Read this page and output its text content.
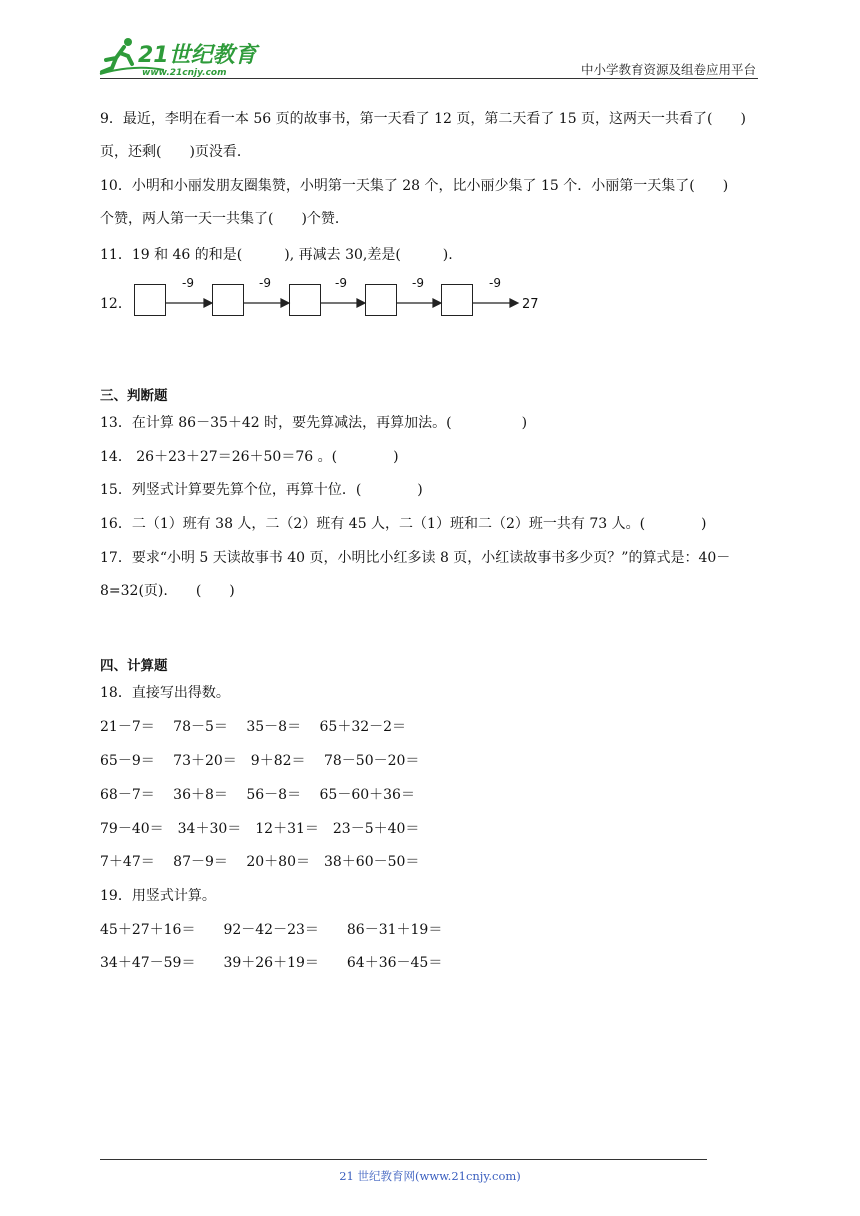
21世纪教育
www.21cnjy.com	中小学教育资源及组卷应用平台
9．最近，李明在看一本 56 页的故事书，第一天看了 12 页，第二天看了 15 页，这两天一共看了(　　)
页，还剩(　　)页没看．
10．小明和小丽发朋友圈集赞，小明第一天集了 28 个，比小丽少集了 15 个．小丽第一天集了(　　)
个赞，两人第一天一共集了(　　)个赞．
11．19 和 46 的和是(　　　), 再减去 30,差是(　　　).
12．
-9	-9	-9	-9	-9
27
三、判断题
13．在计算 86－35＋42 时，要先算减法，再算加法。(　　　　　)
14． 26＋23＋27＝26＋50＝76 。(　　　　)
15．列竖式计算要先算个位，再算十位．(　　　　)
16．二（1）班有 38 人，二（2）班有 45 人，二（1）班和二（2）班一共有 73 人。(　　　　)
17．要求“小明 5 天读故事书 40 页，小明比小红多读 8 页，小红读故事书多少页？”的算式是：40－
8=32(页).　　(　　)
四、计算题
18．直接写出得数。
21－7＝　 78－5＝　 35－8＝　 65＋32－2＝
65－9＝　 73＋20＝　9＋82＝　 78－50－20＝
68－7＝　 36＋8＝　 56－8＝　 65－60＋36＝
79－40＝　34＋30＝　12＋31＝　23－5＋40＝
7＋47＝　 87－9＝　 20＋80＝　38＋60－50＝
19．用竖式计算。
45＋27＋16＝　　92－42－23＝　　86－31＋19＝
34＋47－59＝　　39＋26＋19＝　　64＋36－45＝
21 世纪教育网(www.21cnjy.com)
